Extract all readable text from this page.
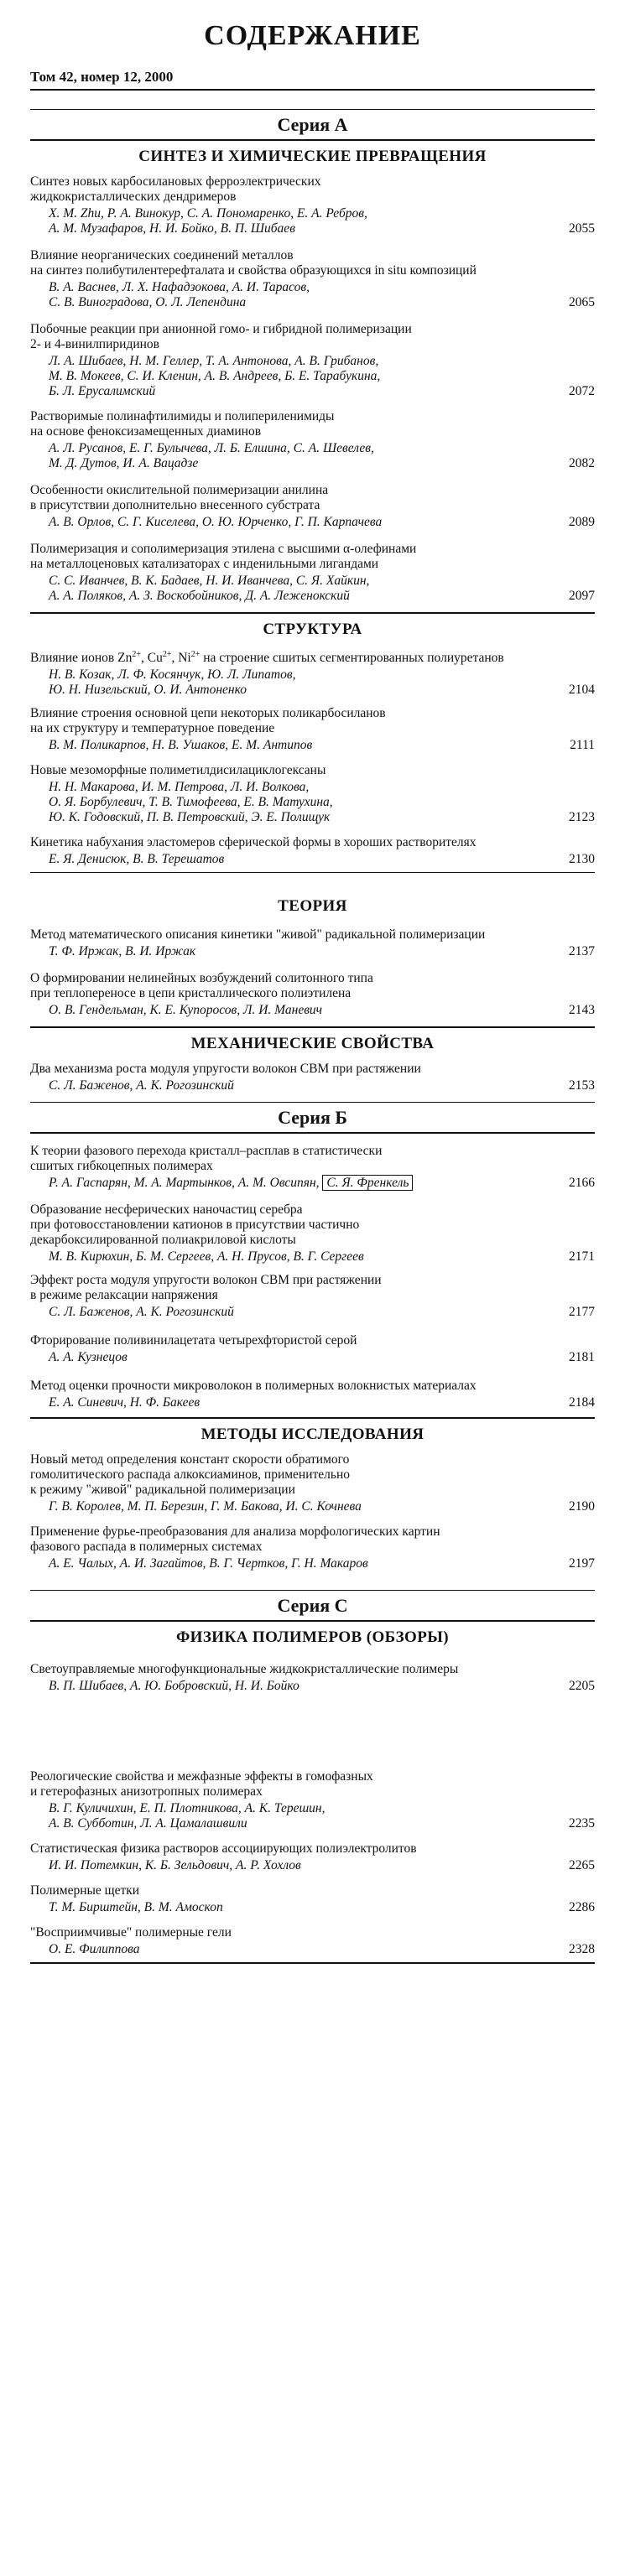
СОДЕРЖАНИЕ
Том 42, номер 12, 2000
Серия А
СИНТЕЗ И ХИМИЧЕСКИЕ ПРЕВРАЩЕНИЯ

Синтез новых карбосилановых ферроэлектрических
жидкокристаллических дендримеров

Х. М. Zhu, Р. А. Винокур, С. А. Пономаренко, Е. А. Ребров,
А. М. Музафаров, Н. И. Бойко, В. П. Шибаев	2055

Влияние неорганических соединений металлов
на синтез полибутилентерефталата и свойства образующихся in situ композиций

В. А. Васнев, Л. Х. Нафадзокова, А. И. Тарасов,
С. В. Виноградова, О. Л. Лепендина	2065

Побочные реакции при анионной гомо- и гибридной полимеризации
2- и 4-винилпиридинов

Л. А. Шибаев, Н. М. Геллер, Т. А. Антонова, А. В. Грибанов,
М. В. Мокеев, С. И. Кленин, А. В. Андреев, Б. Е. Тарабукина,
Б. Л. Ерусалимский	2072

Растворимые полинафтилимиды и полипериленимиды
на основе феноксизамещенных диаминов

А. Л. Русанов, Е. Г. Булычева, Л. Б. Елшина, С. А. Шевелев,
М. Д. Дутов, И. А. Вацадзе	2082

Особенности окислительной полимеризации анилина
в присутствии дополнительно внесенного субстрата

А. В. Орлов, С. Г. Киселева, О. Ю. Юрченко, Г. П. Карпачева	2089

Полимеризация и сополимеризация этилена с высшими α-олефинами
на металлоценовых катализаторах с инденильными лигандами

С. С. Иванчев, В. К. Бадаев, Н. И. Иванчева, С. Я. Хайкин,
А. А. Поляков, А. З. Воскобойников, Д. А. Леженокский	2097
СТРУКТУРА

Влияние ионов $Zn^{2+}$, $Cu^{2+}$, $Ni^{2+}$ на строение сшитых сегментированных полиуретанов

Н. В. Козак, Л. Ф. Косянчук, Ю. Л. Липатов,
Ю. Н. Низельский, О. И. Антоненко	2104

Влияние строения основной цепи некоторых поликарбосиланов
на их структуру и температурное поведение

В. М. Поликарпов, Н. В. Ушаков, Е. М. Антипов	2111

Новые мезоморфные полиметилдисилациклогексаны

Н. Н. Макарова, И. М. Петрова, Л. И. Волкова,
О. Я. Борбулевич, Т. В. Тимофеева, Е. В. Матухина,
Ю. К. Годовский, П. В. Петровский, Э. Е. Полищук	2123

Кинетика набухания эластомеров сферической формы в хороших растворителях

Е. Я. Денисюк, В. В. Терешатов	2130
ТЕОРИЯ

Метод математического описания кинетики "живой" радикальной полимеризации

Т. Ф. Иржак, В. И. Иржак	2137

О формировании нелинейных возбуждений солитонного типа
при теплопереносе в цепи кристаллического полиэтилена

О. В. Гендельман, К. Е. Купоросов, Л. И. Маневич	2143
МЕХАНИЧЕСКИЕ СВОЙСТВА

Два механизма роста модуля упругости волокон СВМ при растяжении

С. Л. Баженов, А. К. Рогозинский	2153
Серия Б

К теории фазового перехода кристалл–расплав в статистически
сшитых гибкоцепных полимерах

Р. А. Гаспарян, М. А. Мартынков, А. М. Овсипян, С. Я. Френкель	2166

Образование несферических наночастиц серебра
при фотовосстановлении катионов в присутствии частично
декарбоксилированной полиакриловой кислоты

М. В. Кирюхин, Б. М. Сергеев, А. Н. Прусов, В. Г. Сергеев	2171

Эффект роста модуля упругости волокон СВМ при растяжении
в режиме релаксации напряжения

С. Л. Баженов, А. К. Рогозинский	2177

Фторирование поливинилацетата четырехфтористой серой

А. А. Кузнецов	2181

Метод оценки прочности микроволокон в полимерных волокнистых материалах

Е. А. Синевич, Н. Ф. Бакеев	2184
МЕТОДЫ ИССЛЕДОВАНИЯ

Новый метод определения констант скорости обратимого
гомолитического распада алкоксиаминов, применительно
к режиму "живой" радикальной полимеризации

Г. В. Королев, М. П. Березин, Г. М. Бакова, И. С. Кочнева	2190

Применение фурье-преобразования для анализа морфологических картин
фазового распада в полимерных системах

А. Е. Чалых, А. И. Загайтов, В. Г. Чертков, Г. Н. Макаров	2197
Серия С
ФИЗИКА ПОЛИМЕРОВ (ОБЗОРЫ)

Светоуправляемые многофункциональные жидкокристаллические полимеры

В. П. Шибаев, А. Ю. Бобровский, Н. И. Бойко	2205

Реологические свойства и межфазные эффекты в гомофазных
и гетерофазных анизотропных полимерах

В. Г. Куличихин, Е. П. Плотникова, А. К. Терешин,
А. В. Субботин, Л. А. Цамалашвили	2235

Статистическая физика растворов ассоциирующих полиэлектролитов

И. И. Потемкин, К. Б. Зельдович, А. Р. Хохлов	2265

Полимерные щетки

Т. М. Бирштейн, В. М. Амоскоп	2286

"Восприимчивые" полимерные гели

О. Е. Филиппова	2328
